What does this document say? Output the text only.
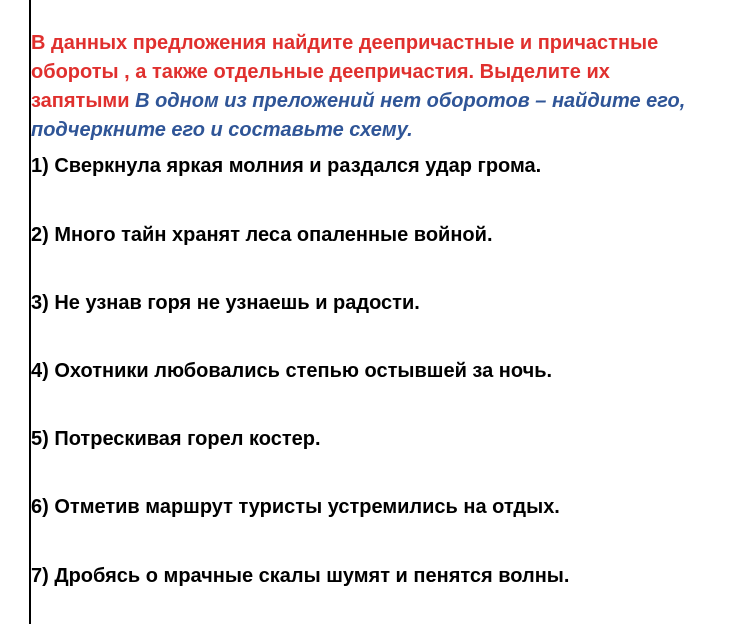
В данных предложения найдите деепричастные и причастные
обороты , а также отдельные деепричастия. Выделите их
запятыми В одном из преложений нет оборотов – найдите его,
подчеркните его и составьте схему.

1) Сверкнула яркая молния и раздался удар грома.

2) Много тайн хранят леса опаленные войной.

3) Не узнав горя не узнаешь и радости.

4) Охотники любовались степью остывшей за ночь.

5) Потрескивая горел костер.

6) Отметив маршрут туристы устремились на отдых.

7) Дробясь о мрачные скалы шумят и пенятся волны.
